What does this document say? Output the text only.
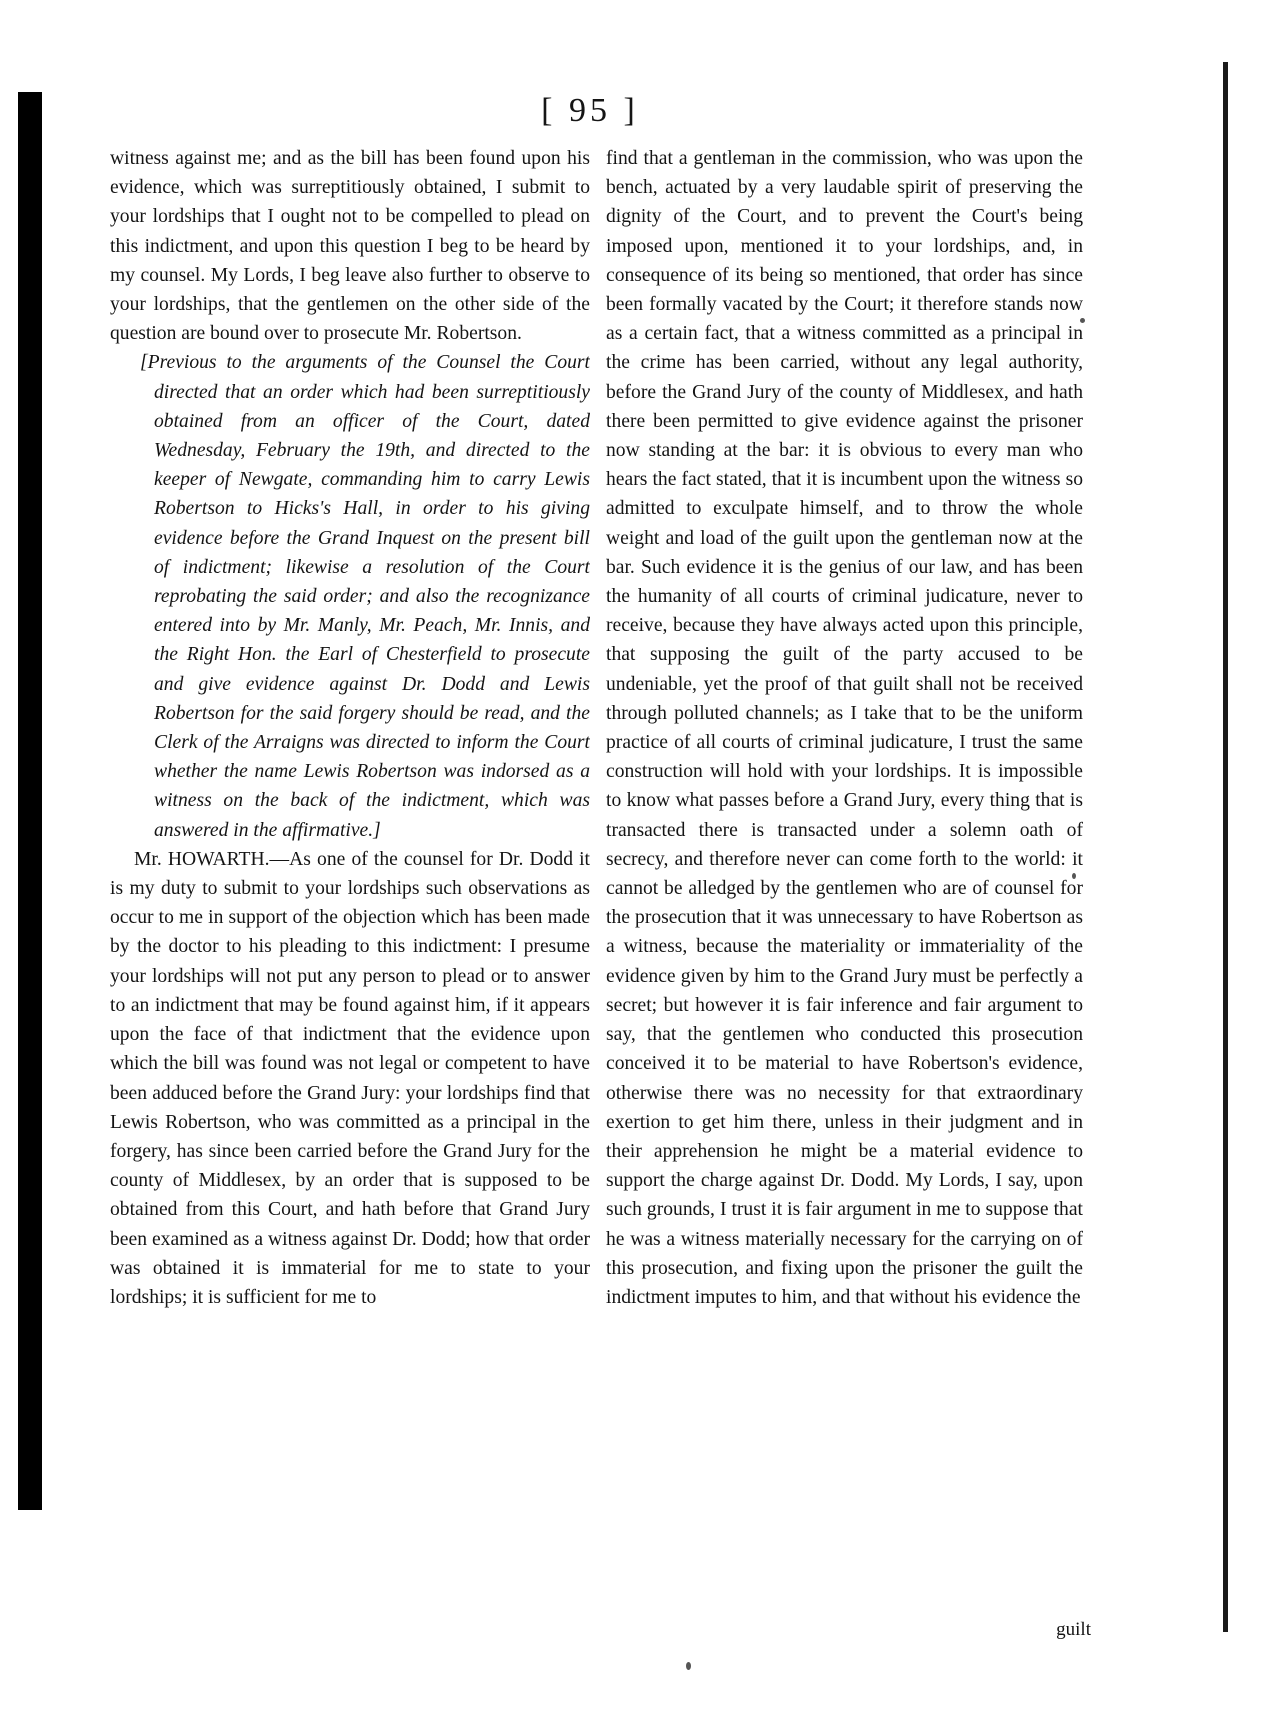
[ 95 ]

witness against me; and as the bill has been found upon his evidence, which was surreptitiously obtained, I submit to your lordships that I ought not to be compelled to plead on this indictment, and upon this question I beg to be heard by my counsel. My Lords, I beg leave also further to observe to your lordships, that the gentlemen on the other side of the question are bound over to prosecute Mr. Robertson.

[Previous to the arguments of the Counsel the Court directed that an order which had been surreptitiously obtained from an officer of the Court, dated Wednesday, February the 19th, and directed to the keeper of Newgate, commanding him to carry Lewis Robertson to Hicks's Hall, in order to his giving evidence before the Grand Inquest on the present bill of indictment; likewise a resolution of the Court reprobating the said order; and also the recognizance entered into by Mr. Manly, Mr. Peach, Mr. Innis, and the Right Hon. the Earl of Chesterfield to prosecute and give evidence against Dr. Dodd and Lewis Robertson for the said forgery should be read, and the Clerk of the Arraigns was directed to inform the Court whether the name Lewis Robertson was indorsed as a witness on the back of the indictment, which was answered in the affirmative.]

Mr. HOWARTH.—As one of the counsel for Dr. Dodd it is my duty to submit to your lordships such observations as occur to me in support of the objection which has been made by the doctor to his pleading to this indictment: I presume your lordships will not put any person to plead or to answer to an indictment that may be found against him, if it appears upon the face of that indictment that the evidence upon which the bill was found was not legal or competent to have been adduced before the Grand Jury: your lordships find that Lewis Robertson, who was committed as a principal in the forgery, has since been carried before the Grand Jury for the county of Middlesex, by an order that is supposed to be obtained from this Court, and hath before that Grand Jury been examined as a witness against Dr. Dodd; how that order was obtained it is immaterial for me to state to your lordships; it is sufficient for me to

find that a gentleman in the commission, who was upon the bench, actuated by a very laudable spirit of preserving the dignity of the Court, and to prevent the Court's being imposed upon, mentioned it to your lordships, and, in consequence of its being so mentioned, that order has since been formally vacated by the Court; it therefore stands now as a certain fact, that a witness committed as a principal in the crime has been carried, without any legal authority, before the Grand Jury of the county of Middlesex, and hath there been permitted to give evidence against the prisoner now standing at the bar: it is obvious to every man who hears the fact stated, that it is incumbent upon the witness so admitted to exculpate himself, and to throw the whole weight and load of the guilt upon the gentleman now at the bar. Such evidence it is the genius of our law, and has been the humanity of all courts of criminal judicature, never to receive, because they have always acted upon this principle, that supposing the guilt of the party accused to be undeniable, yet the proof of that guilt shall not be received through polluted channels; as I take that to be the uniform practice of all courts of criminal judicature, I trust the same construction will hold with your lordships. It is impossible to know what passes before a Grand Jury, every thing that is transacted there is transacted under a solemn oath of secrecy, and therefore never can come forth to the world: it cannot be alledged by the gentlemen who are of counsel for the prosecution that it was unnecessary to have Robertson as a witness, because the materiality or immateriality of the evidence given by him to the Grand Jury must be perfectly a secret; but however it is fair inference and fair argument to say, that the gentlemen who conducted this prosecution conceived it to be material to have Robertson's evidence, otherwise there was no necessity for that extraordinary exertion to get him there, unless in their judgment and in their apprehension he might be a material evidence to support the charge against Dr. Dodd. My Lords, I say, upon such grounds, I trust it is fair argument in me to suppose that he was a witness materially necessary for the carrying on of this prosecution, and fixing upon the prisoner the guilt the indictment imputes to him, and that without his evidence the

guilt
